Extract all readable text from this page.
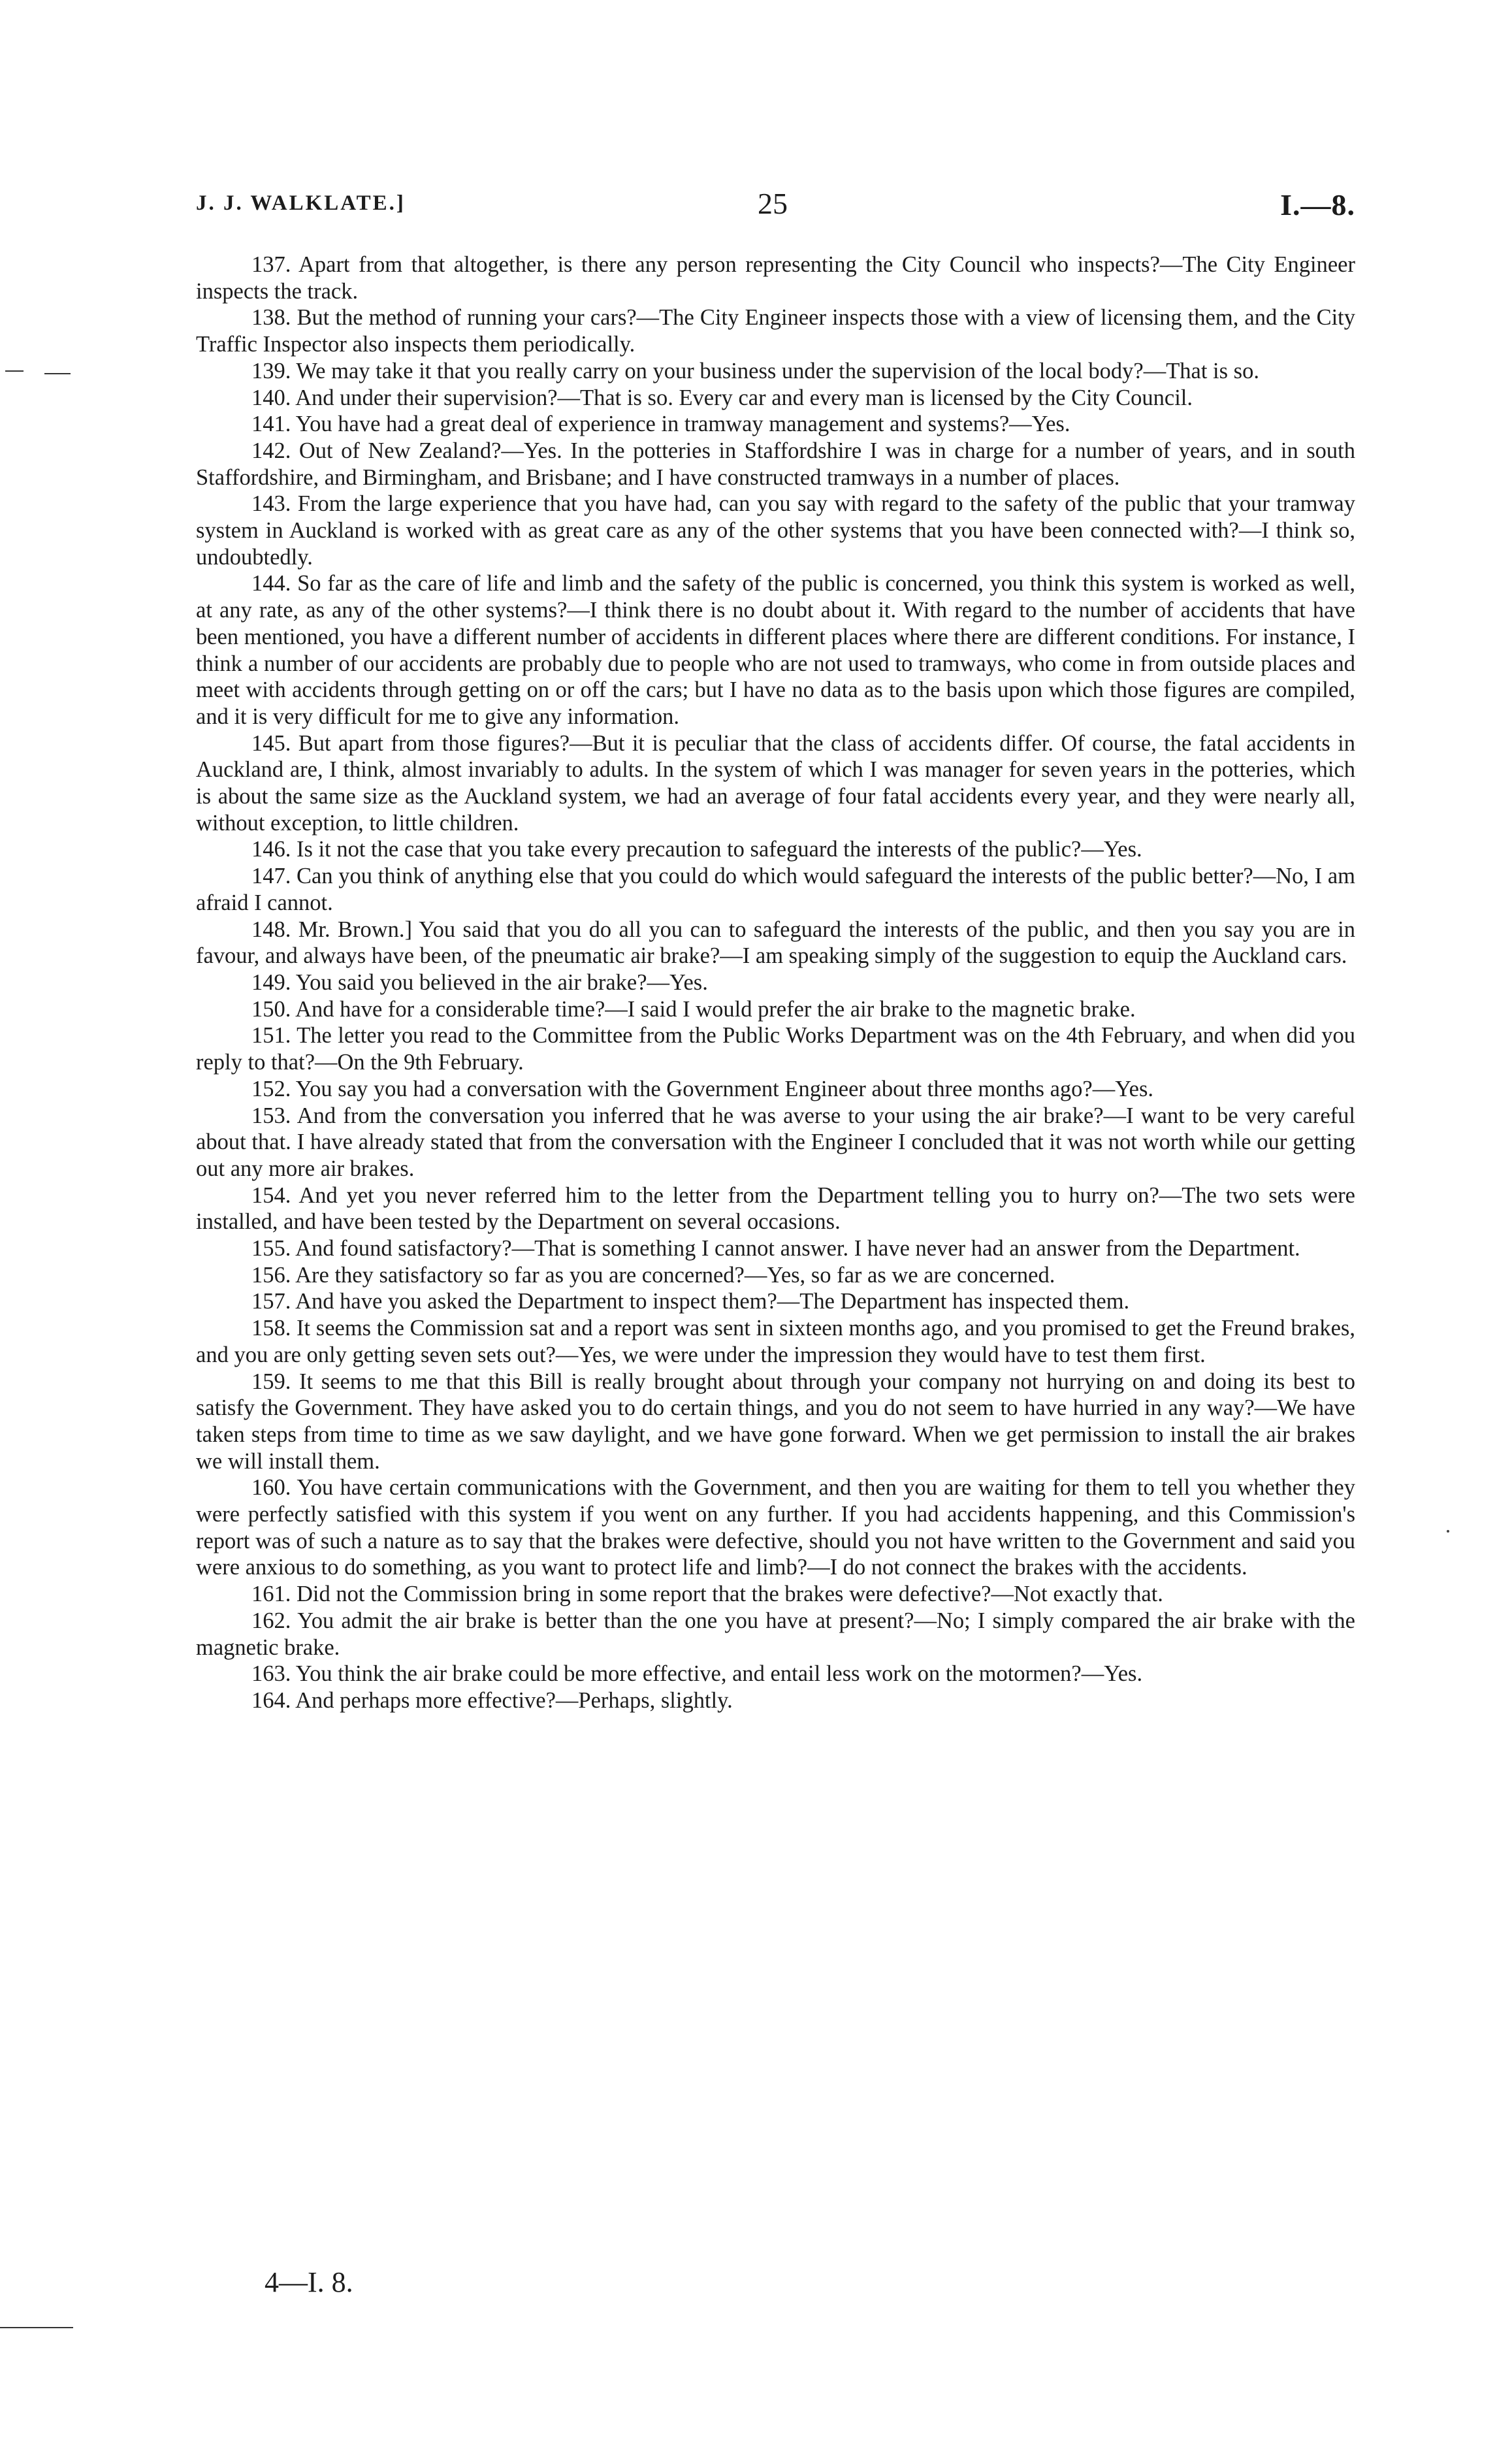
J. J. WALKLATE.]	25	I.—8.

137. Apart from that altogether, is there any person representing the City Council who inspects?—The City Engineer inspects the track.

138. But the method of running your cars?—The City Engineer inspects those with a view of licensing them, and the City Traffic Inspector also inspects them periodically.

139. We may take it that you really carry on your business under the supervision of the local body?—That is so.

140. And under their supervision?—That is so. Every car and every man is licensed by the City Council.

141. You have had a great deal of experience in tramway management and systems?—Yes.

142. Out of New Zealand?—Yes. In the potteries in Staffordshire I was in charge for a number of years, and in south Staffordshire, and Birmingham, and Brisbane; and I have constructed tramways in a number of places.

143. From the large experience that you have had, can you say with regard to the safety of the public that your tramway system in Auckland is worked with as great care as any of the other systems that you have been connected with?—I think so, undoubtedly.

144. So far as the care of life and limb and the safety of the public is concerned, you think this system is worked as well, at any rate, as any of the other systems?—I think there is no doubt about it. With regard to the number of accidents that have been mentioned, you have a different number of accidents in different places where there are different conditions. For instance, I think a number of our accidents are probably due to people who are not used to tramways, who come in from outside places and meet with accidents through getting on or off the cars; but I have no data as to the basis upon which those figures are compiled, and it is very difficult for me to give any information.

145. But apart from those figures?—But it is peculiar that the class of accidents differ. Of course, the fatal accidents in Auckland are, I think, almost invariably to adults. In the system of which I was manager for seven years in the potteries, which is about the same size as the Auckland system, we had an average of four fatal accidents every year, and they were nearly all, without exception, to little children.

146. Is it not the case that you take every precaution to safeguard the interests of the public?—Yes.

147. Can you think of anything else that you could do which would safeguard the interests of the public better?—No, I am afraid I cannot.

148. Mr. Brown.] You said that you do all you can to safeguard the interests of the public, and then you say you are in favour, and always have been, of the pneumatic air brake?—I am speaking simply of the suggestion to equip the Auckland cars.

149. You said you believed in the air brake?—Yes.

150. And have for a considerable time?—I said I would prefer the air brake to the magnetic brake.

151. The letter you read to the Committee from the Public Works Department was on the 4th February, and when did you reply to that?—On the 9th February.

152. You say you had a conversation with the Government Engineer about three months ago?—Yes.

153. And from the conversation you inferred that he was averse to your using the air brake?—I want to be very careful about that. I have already stated that from the conversation with the Engineer I concluded that it was not worth while our getting out any more air brakes.

154. And yet you never referred him to the letter from the Department telling you to hurry on?—The two sets were installed, and have been tested by the Department on several occasions.

155. And found satisfactory?—That is something I cannot answer. I have never had an answer from the Department.

156. Are they satisfactory so far as you are concerned?—Yes, so far as we are concerned.

157. And have you asked the Department to inspect them?—The Department has inspected them.

158. It seems the Commission sat and a report was sent in sixteen months ago, and you promised to get the Freund brakes, and you are only getting seven sets out?—Yes, we were under the impression they would have to test them first.

159. It seems to me that this Bill is really brought about through your company not hurrying on and doing its best to satisfy the Government. They have asked you to do certain things, and you do not seem to have hurried in any way?—We have taken steps from time to time as we saw daylight, and we have gone forward. When we get permission to install the air brakes we will install them.

160. You have certain communications with the Government, and then you are waiting for them to tell you whether they were perfectly satisfied with this system if you went on any further. If you had accidents happening, and this Commission's report was of such a nature as to say that the brakes were defective, should you not have written to the Government and said you were anxious to do something, as you want to protect life and limb?—I do not connect the brakes with the accidents.

161. Did not the Commission bring in some report that the brakes were defective?—Not exactly that.

162. You admit the air brake is better than the one you have at present?—No; I simply compared the air brake with the magnetic brake.

163. You think the air brake could be more effective, and entail less work on the motormen?—Yes.

164. And perhaps more effective?—Perhaps, slightly.

4—I. 8.
